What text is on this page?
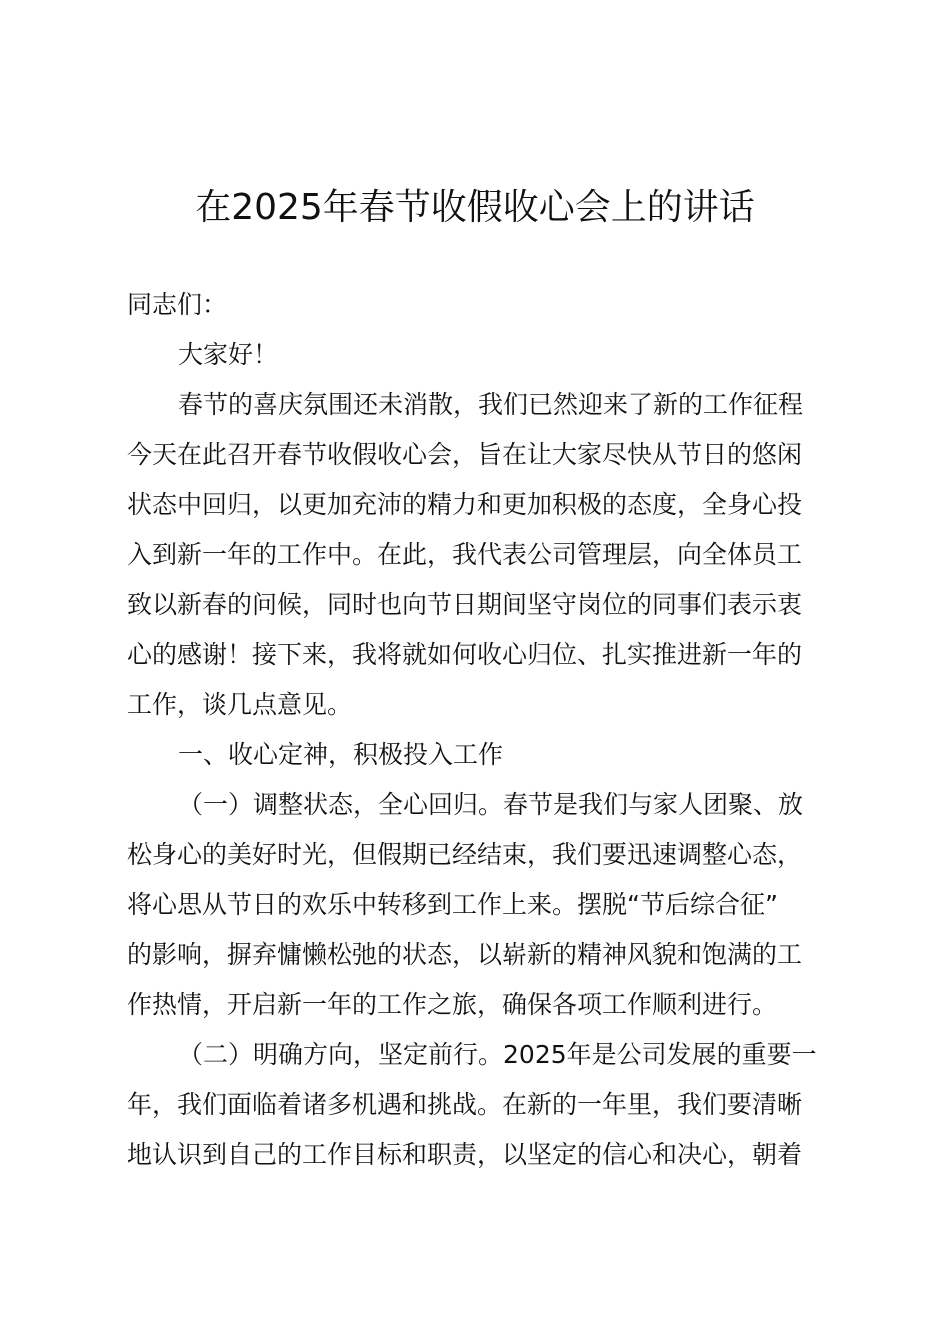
在2025年春节收假收心会上的讲话
同志们：
大家好！
春节的喜庆氛围还未消散，我们已然迎来了新的工作征程
今天在此召开春节收假收心会，旨在让大家尽快从节日的悠闲
状态中回归，以更加充沛的精力和更加积极的态度，全身心投
入到新一年的工作中。在此，我代表公司管理层，向全体员工
致以新春的问候，同时也向节日期间坚守岗位的同事们表示衷
心的感谢！接下来，我将就如何收心归位、扎实推进新一年的
工作，谈几点意见。
一、收心定神，积极投入工作
（一）调整状态，全心回归。春节是我们与家人团聚、放
松身心的美好时光，但假期已经结束，我们要迅速调整心态，
将心思从节日的欢乐中转移到工作上来。摆脱“节后综合征”
的影响，摒弃慵懒松弛的状态，以崭新的精神风貌和饱满的工
作热情，开启新一年的工作之旅，确保各项工作顺利进行。
（二）明确方向，坚定前行。2025年是公司发展的重要一
年，我们面临着诸多机遇和挑战。在新的一年里，我们要清晰
地认识到自己的工作目标和职责，以坚定的信心和决心，朝着
